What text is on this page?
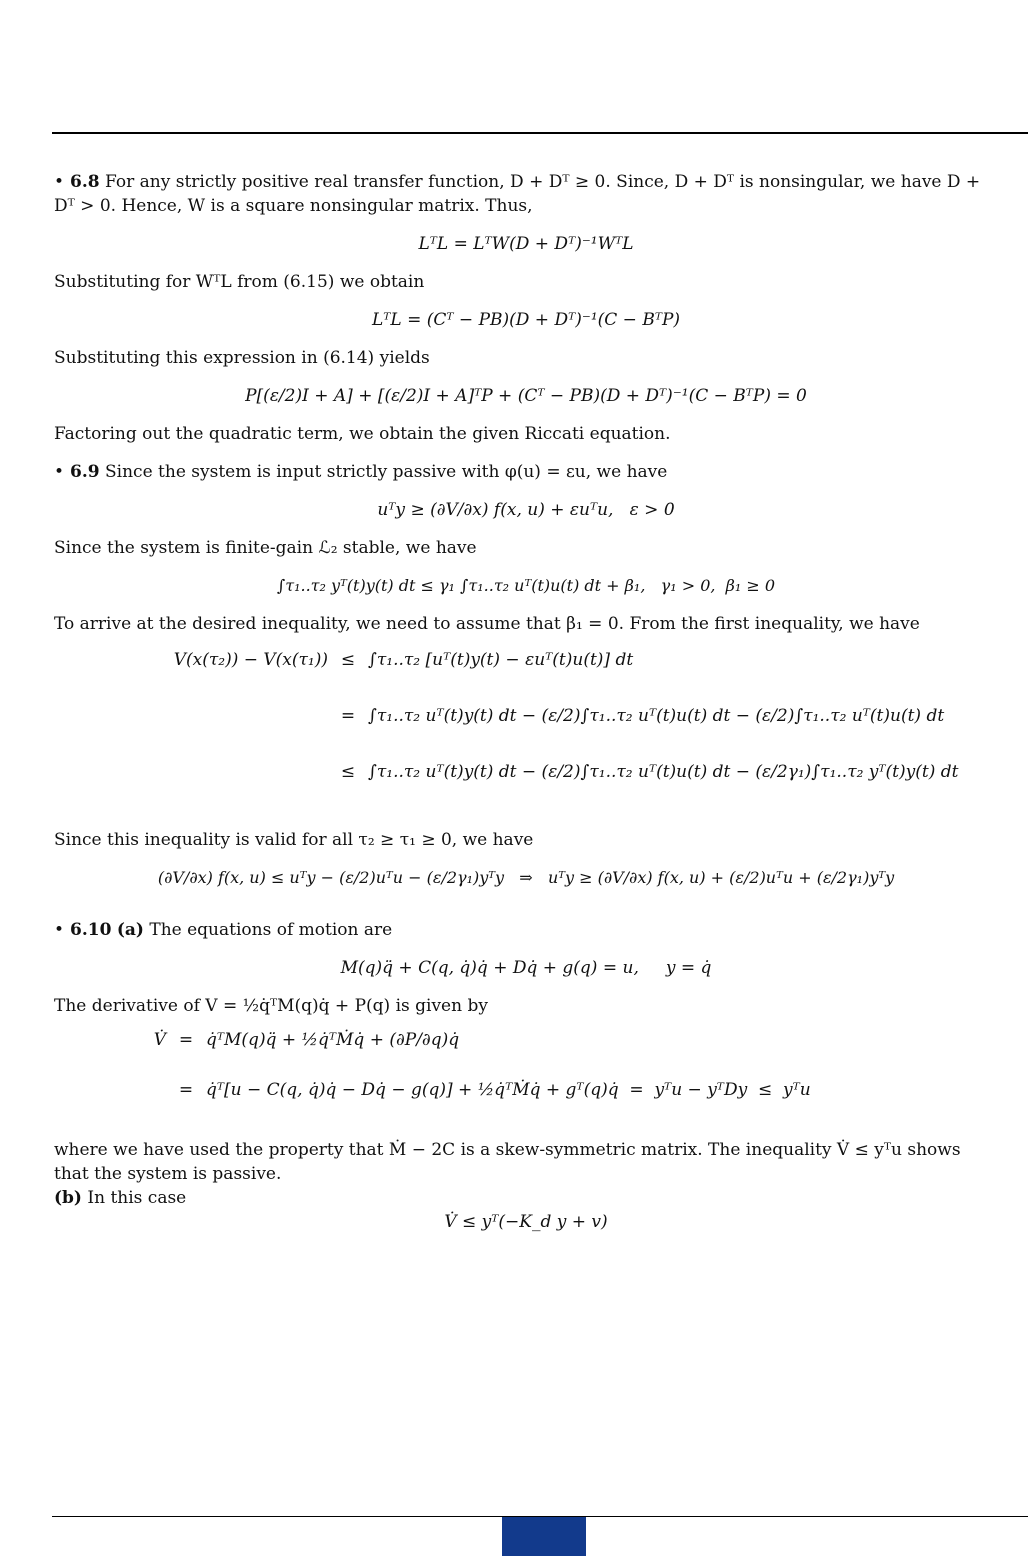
• 6.8 For any strictly positive real transfer function, D + Dᵀ ≥ 0. Since, D + Dᵀ is nonsingular, we have D + Dᵀ > 0. Hence, W is a square nonsingular matrix. Thus,

LᵀL = LᵀW(D + Dᵀ)⁻¹WᵀL

Substituting for WᵀL from (6.15) we obtain

LᵀL = (Cᵀ − PB)(D + Dᵀ)⁻¹(C − BᵀP)

Substituting this expression in (6.14) yields

P[(ε/2)I + A] + [(ε/2)I + A]ᵀP + (Cᵀ − PB)(D + Dᵀ)⁻¹(C − BᵀP) = 0

Factoring out the quadratic term, we obtain the given Riccati equation.

• 6.9 Since the system is input strictly passive with φ(u) = εu, we have

uᵀy ≥ (∂V/∂x) f(x, u) + εuᵀu,   ε > 0

Since the system is finite-gain ℒ₂ stable, we have

∫τ₁..τ₂ yᵀ(t)y(t) dt ≤ γ₁ ∫τ₁..τ₂ uᵀ(t)u(t) dt + β₁,   γ₁ > 0,  β₁ ≥ 0

To arrive at the desired inequality, we need to assume that β₁ = 0. From the first inequality, we have

V(x(τ₂)) − V(x(τ₁)) ≤ ∫τ₁..τ₂ [uᵀ(t)y(t) − εuᵀ(t)u(t)] dt
= ∫τ₁..τ₂ uᵀ(t)y(t) dt − (ε/2)∫τ₁..τ₂ uᵀ(t)u(t) dt − (ε/2)∫τ₁..τ₂ uᵀ(t)u(t) dt
≤ ∫τ₁..τ₂ uᵀ(t)y(t) dt − (ε/2)∫τ₁..τ₂ uᵀ(t)u(t) dt − (ε/2γ₁)∫τ₁..τ₂ yᵀ(t)y(t) dt

Since this inequality is valid for all τ₂ ≥ τ₁ ≥ 0, we have

(∂V/∂x) f(x, u) ≤ uᵀy − (ε/2)uᵀu − (ε/2γ₁)yᵀy   ⇒   uᵀy ≥ (∂V/∂x) f(x, u) + (ε/2)uᵀu + (ε/2γ₁)yᵀy

• 6.10 (a) The equations of motion are

M(q)q̈ + C(q, q̇)q̇ + Dq̇ + g(q) = u,     y = q̇

The derivative of V = ½q̇ᵀM(q)q̇ + P(q) is given by

V̇ = q̇ᵀM(q)q̈ + ½q̇ᵀṀq̇ + (∂P/∂q)q̇
= q̇ᵀ[u − C(q, q̇)q̇ − Dq̇ − g(q)] + ½q̇ᵀṀq̇ + gᵀ(q)q̇  =  yᵀu − yᵀDy  ≤  yᵀu

where we have used the property that Ṁ − 2C is a skew-symmetric matrix. The inequality V̇ ≤ yᵀu shows that the system is passive.

(b) In this case

V̇ ≤ yᵀ(−K_d y + v)
